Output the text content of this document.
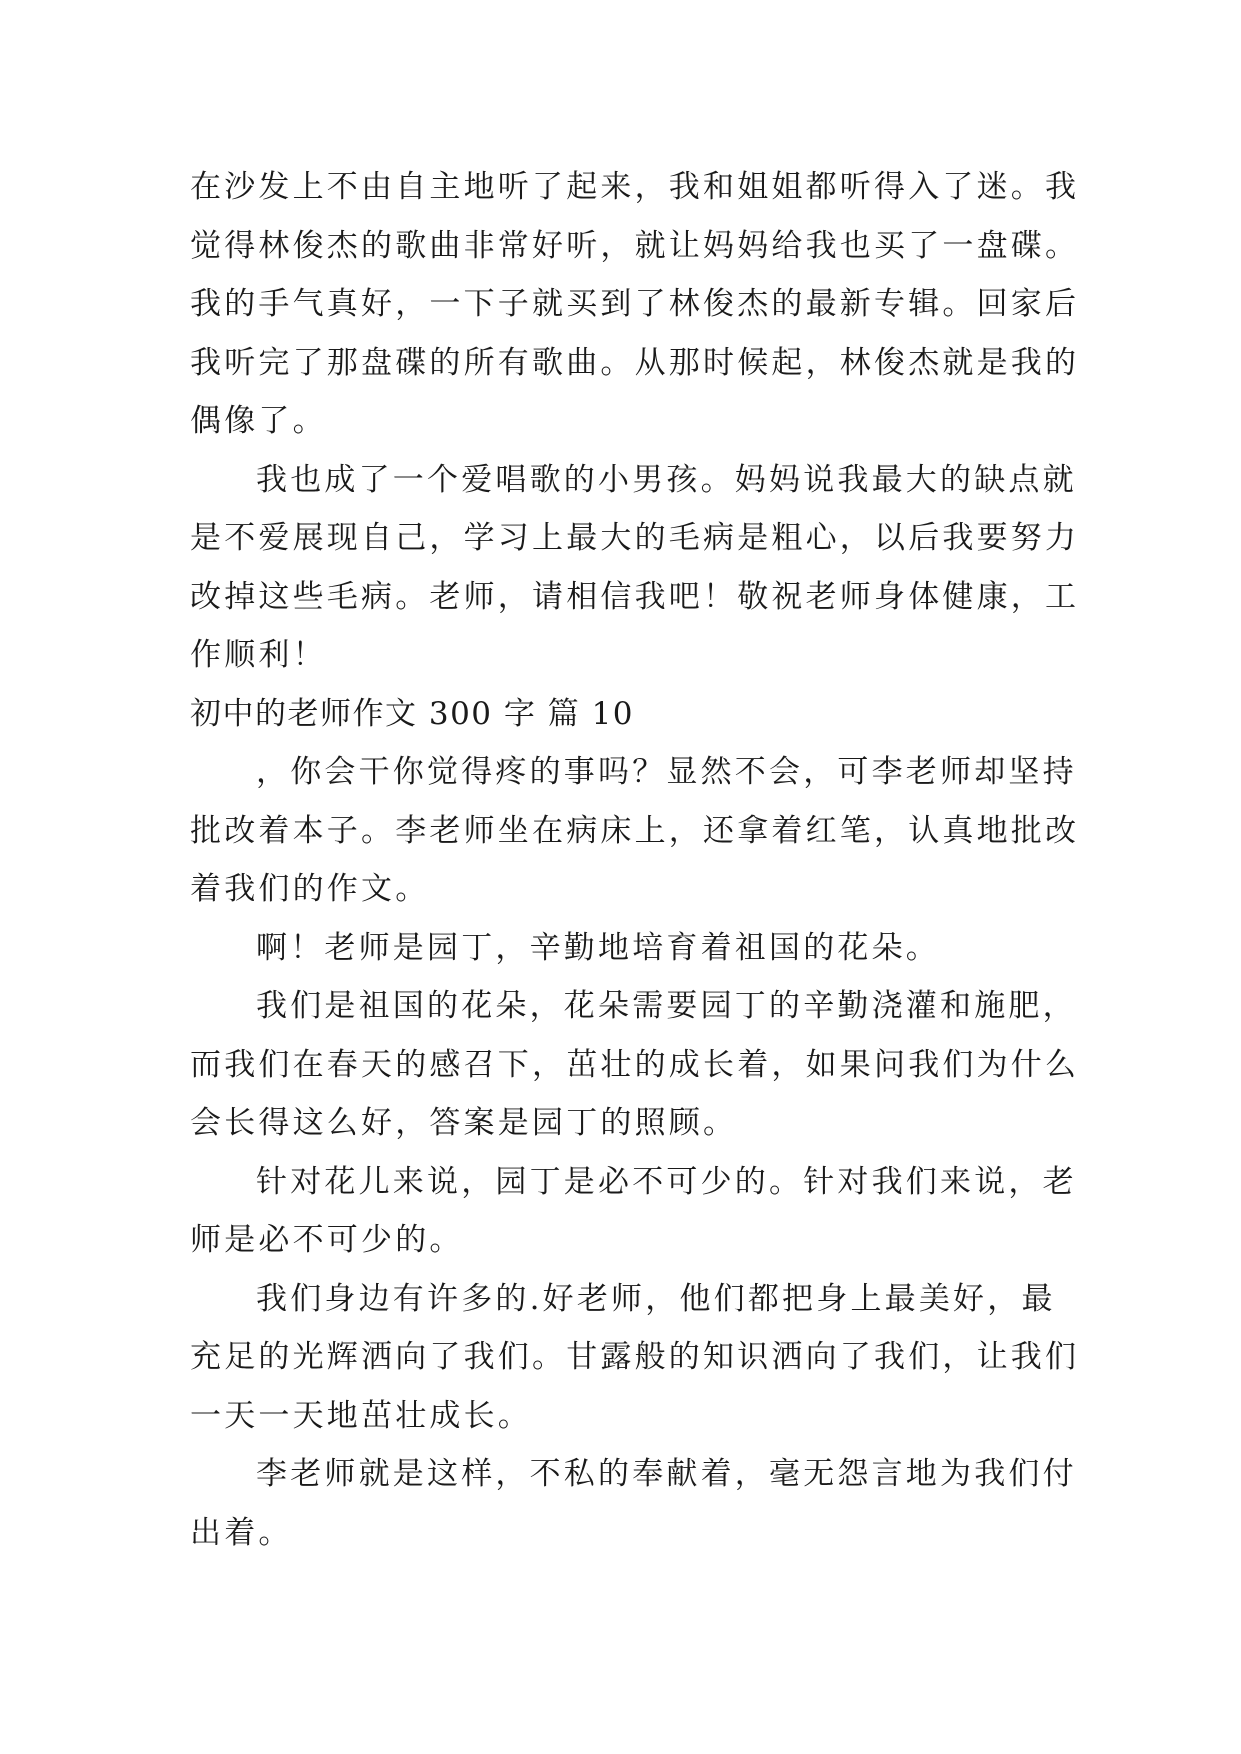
在沙发上不由自主地听了起来，我和姐姐都听得入了迷。我
觉得林俊杰的歌曲非常好听，就让妈妈给我也买了一盘碟。
我的手气真好，一下子就买到了林俊杰的最新专辑。回家后
我听完了那盘碟的所有歌曲。从那时候起，林俊杰就是我的
偶像了。
我也成了一个爱唱歌的小男孩。妈妈说我最大的缺点就
是不爱展现自己，学习上最大的毛病是粗心，以后我要努力
改掉这些毛病。老师，请相信我吧！敬祝老师身体健康，工
作顺利！
初中的老师作文 300 字 篇 10
，你会干你觉得疼的事吗？显然不会，可李老师却坚持
批改着本子。李老师坐在病床上，还拿着红笔，认真地批改
着我们的作文。
啊！老师是园丁，辛勤地培育着祖国的花朵。
我们是祖国的花朵，花朵需要园丁的辛勤浇灌和施肥，
而我们在春天的感召下，茁壮的成长着，如果问我们为什么
会长得这么好，答案是园丁的照顾。
针对花儿来说，园丁是必不可少的。针对我们来说，老
师是必不可少的。
我们身边有许多的.好老师，他们都把身上最美好，最
充足的光辉洒向了我们。甘露般的知识洒向了我们，让我们
一天一天地茁壮成长。
李老师就是这样，不私的奉献着，毫无怨言地为我们付
出着。
